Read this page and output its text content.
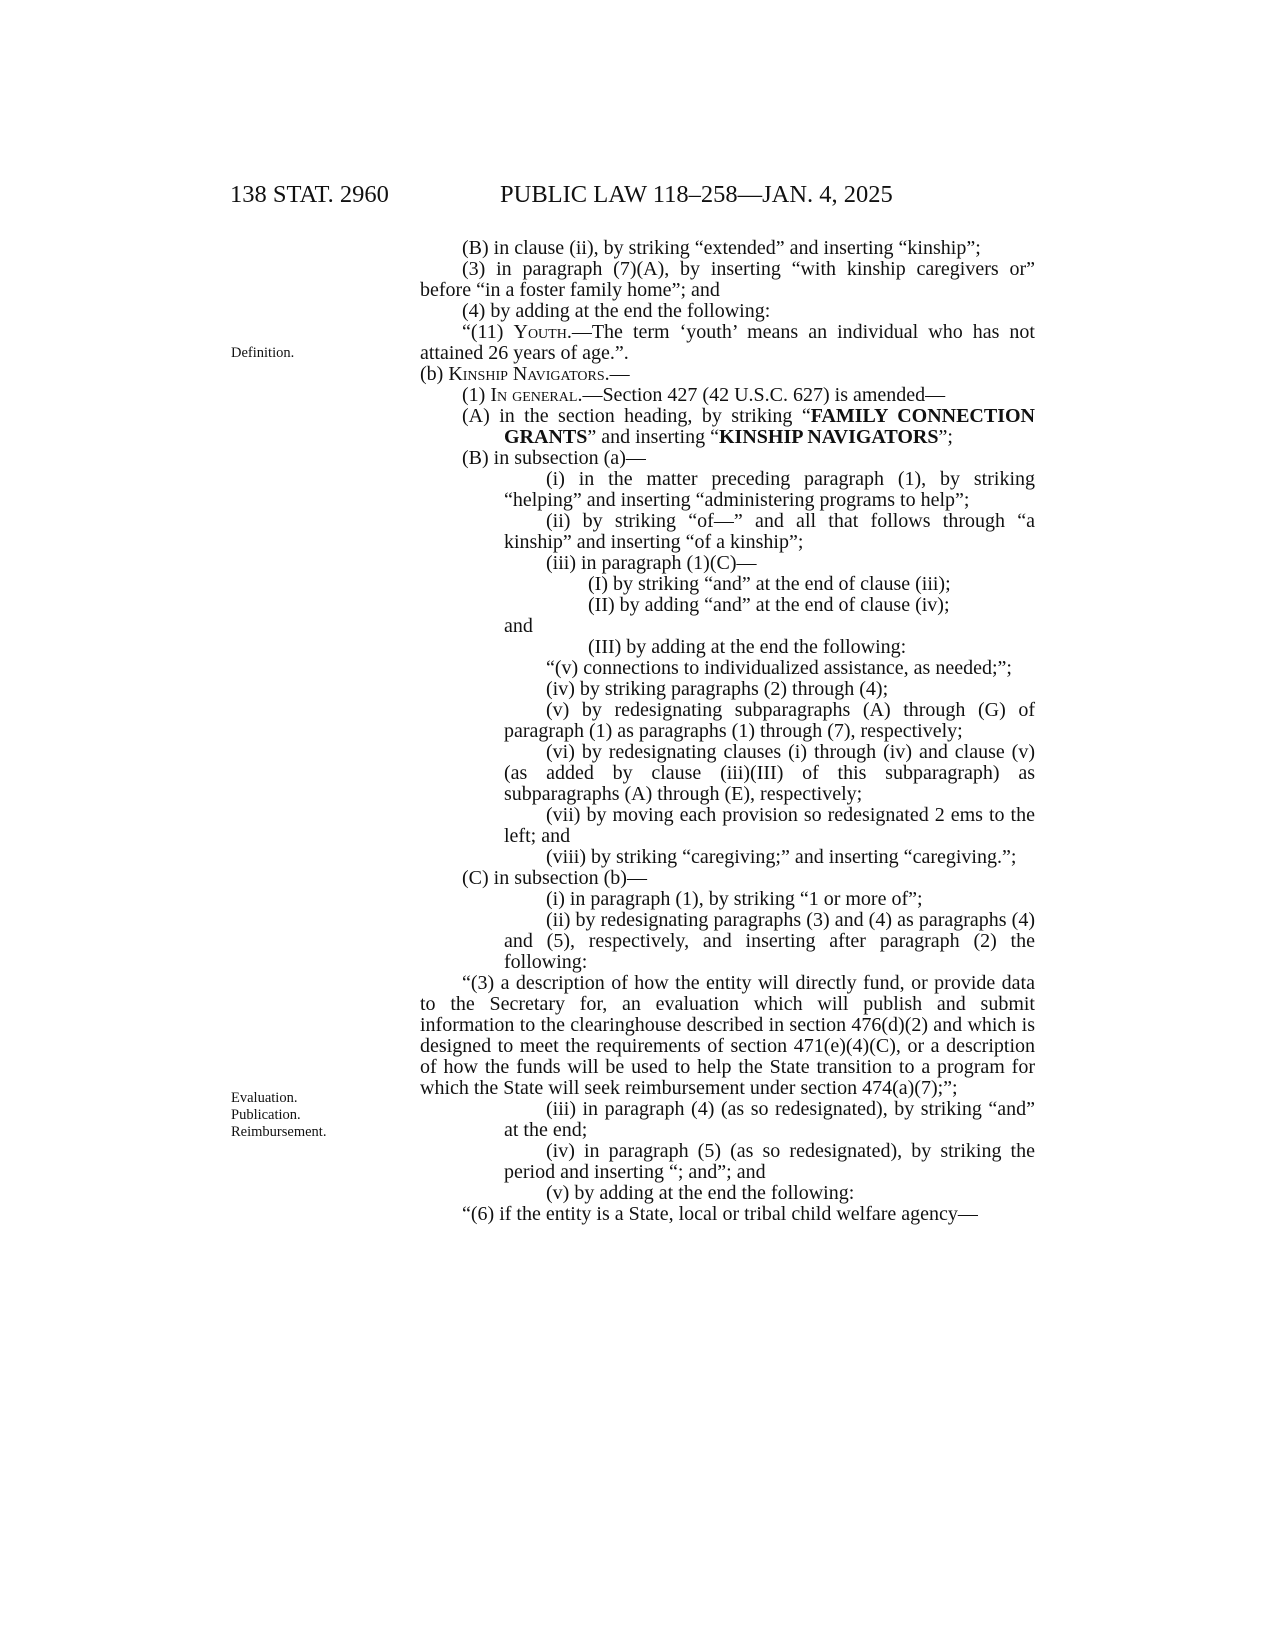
138 STAT. 2960	PUBLIC LAW 118–258—JAN. 4, 2025
Definition.
Evaluation.
Publication.
Reimbursement.
(B) in clause (ii), by striking “extended” and inserting “kinship”;
(3) in paragraph (7)(A), by inserting “with kinship caregivers or” before “in a foster family home”; and
(4) by adding at the end the following:
“(11) Youth.—The term ‘youth’ means an individual who has not attained 26 years of age.”.
(b) Kinship Navigators.—
(1) In general.—Section 427 (42 U.S.C. 627) is amended—
(A) in the section heading, by striking “FAMILY CONNECTION GRANTS” and inserting “KINSHIP NAVIGATORS”;
(B) in subsection (a)—
(i) in the matter preceding paragraph (1), by striking “helping” and inserting “administering programs to help”;
(ii) by striking “of—” and all that follows through “a kinship” and inserting “of a kinship”;
(iii) in paragraph (1)(C)—
(I) by striking “and” at the end of clause (iii);
(II) by adding “and” at the end of clause (iv);
and
(III) by adding at the end the following:
“(v) connections to individualized assistance, as needed;”;
(iv) by striking paragraphs (2) through (4);
(v) by redesignating subparagraphs (A) through (G) of paragraph (1) as paragraphs (1) through (7), respectively;
(vi) by redesignating clauses (i) through (iv) and clause (v) (as added by clause (iii)(III) of this subparagraph) as subparagraphs (A) through (E), respectively;
(vii) by moving each provision so redesignated 2 ems to the left; and
(viii) by striking “caregiving;” and inserting “caregiving.”;
(C) in subsection (b)—
(i) in paragraph (1), by striking “1 or more of”;
(ii) by redesignating paragraphs (3) and (4) as paragraphs (4) and (5), respectively, and inserting after paragraph (2) the following:
“(3) a description of how the entity will directly fund, or provide data to the Secretary for, an evaluation which will publish and submit information to the clearinghouse described in section 476(d)(2) and which is designed to meet the requirements of section 471(e)(4)(C), or a description of how the funds will be used to help the State transition to a program for which the State will seek reimbursement under section 474(a)(7);”;
(iii) in paragraph (4) (as so redesignated), by striking “and” at the end;
(iv) in paragraph (5) (as so redesignated), by striking the period and inserting “; and”; and
(v) by adding at the end the following:
“(6) if the entity is a State, local or tribal child welfare agency—
